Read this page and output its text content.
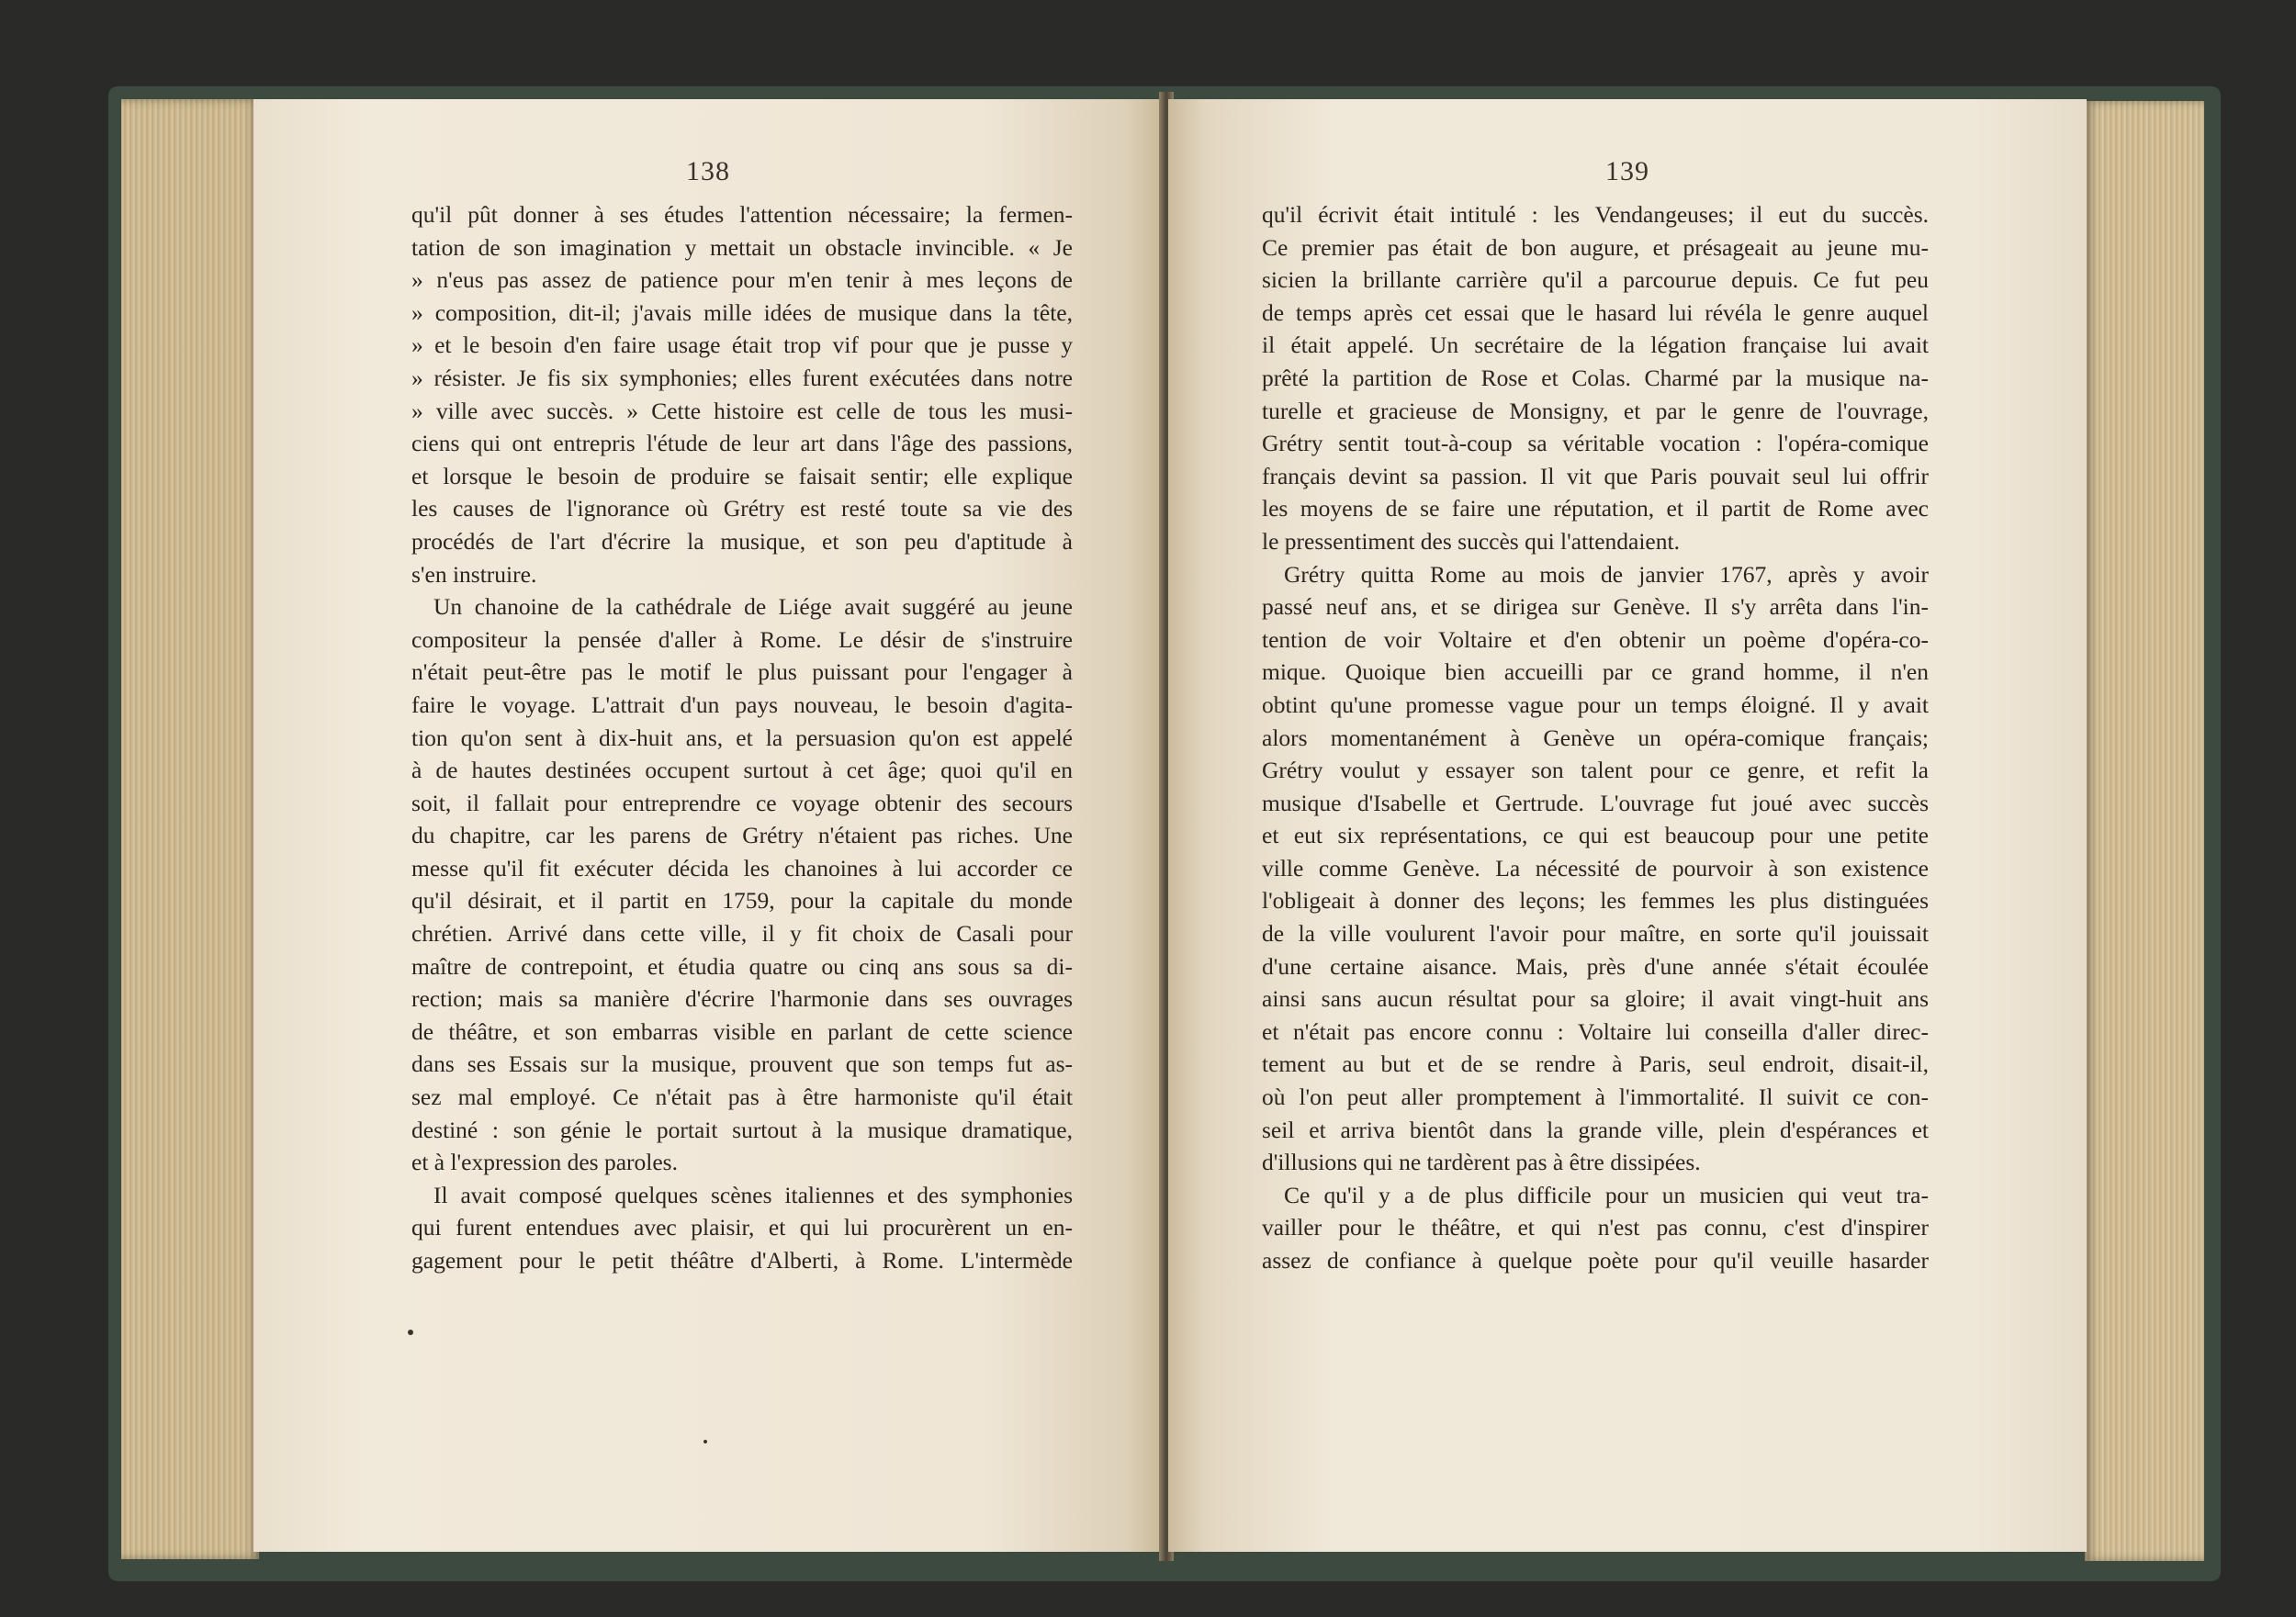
138
qu'il pût donner à ses études l'attention nécessaire; la fermen-
tation de son imagination y mettait un obstacle invincible. « Je
» n'eus pas assez de patience pour m'en tenir à mes leçons de
» composition, dit-il; j'avais mille idées de musique dans la tête,
» et le besoin d'en faire usage était trop vif pour que je pusse y
» résister. Je fis six symphonies; elles furent exécutées dans notre
» ville avec succès. » Cette histoire est celle de tous les musi-
ciens qui ont entrepris l'étude de leur art dans l'âge des passions,
et lorsque le besoin de produire se faisait sentir; elle explique
les causes de l'ignorance où Grétry est resté toute sa vie des
procédés de l'art d'écrire la musique, et son peu d'aptitude à
s'en instruire.
Un chanoine de la cathédrale de Liége avait suggéré au jeune
compositeur la pensée d'aller à Rome. Le désir de s'instruire
n'était peut-être pas le motif le plus puissant pour l'engager à
faire le voyage. L'attrait d'un pays nouveau, le besoin d'agita-
tion qu'on sent à dix-huit ans, et la persuasion qu'on est appelé
à de hautes destinées occupent surtout à cet âge; quoi qu'il en
soit, il fallait pour entreprendre ce voyage obtenir des secours
du chapitre, car les parens de Grétry n'étaient pas riches. Une
messe qu'il fit exécuter décida les chanoines à lui accorder ce
qu'il désirait, et il partit en 1759, pour la capitale du monde
chrétien. Arrivé dans cette ville, il y fit choix de Casali pour
maître de contrepoint, et étudia quatre ou cinq ans sous sa di-
rection; mais sa manière d'écrire l'harmonie dans ses ouvrages
de théâtre, et son embarras visible en parlant de cette science
dans ses Essais sur la musique, prouvent que son temps fut as-
sez mal employé. Ce n'était pas à être harmoniste qu'il était
destiné : son génie le portait surtout à la musique dramatique,
et à l'expression des paroles.
Il avait composé quelques scènes italiennes et des symphonies
qui furent entendues avec plaisir, et qui lui procurèrent un en-
gagement pour le petit théâtre d'Alberti, à Rome. L'intermède
139
qu'il écrivit était intitulé : les Vendangeuses; il eut du succès.
Ce premier pas était de bon augure, et présageait au jeune mu-
sicien la brillante carrière qu'il a parcourue depuis. Ce fut peu
de temps après cet essai que le hasard lui révéla le genre auquel
il était appelé. Un secrétaire de la légation française lui avait
prêté la partition de Rose et Colas. Charmé par la musique na-
turelle et gracieuse de Monsigny, et par le genre de l'ouvrage,
Grétry sentit tout-à-coup sa véritable vocation : l'opéra-comique
français devint sa passion. Il vit que Paris pouvait seul lui offrir
les moyens de se faire une réputation, et il partit de Rome avec
le pressentiment des succès qui l'attendaient.
Grétry quitta Rome au mois de janvier 1767, après y avoir
passé neuf ans, et se dirigea sur Genève. Il s'y arrêta dans l'in-
tention de voir Voltaire et d'en obtenir un poème d'opéra-co-
mique. Quoique bien accueilli par ce grand homme, il n'en
obtint qu'une promesse vague pour un temps éloigné. Il y avait
alors momentanément à Genève un opéra-comique français;
Grétry voulut y essayer son talent pour ce genre, et refit la
musique d'Isabelle et Gertrude. L'ouvrage fut joué avec succès
et eut six représentations, ce qui est beaucoup pour une petite
ville comme Genève. La nécessité de pourvoir à son existence
l'obligeait à donner des leçons; les femmes les plus distinguées
de la ville voulurent l'avoir pour maître, en sorte qu'il jouissait
d'une certaine aisance. Mais, près d'une année s'était écoulée
ainsi sans aucun résultat pour sa gloire; il avait vingt-huit ans
et n'était pas encore connu : Voltaire lui conseilla d'aller direc-
tement au but et de se rendre à Paris, seul endroit, disait-il,
où l'on peut aller promptement à l'immortalité. Il suivit ce con-
seil et arriva bientôt dans la grande ville, plein d'espérances et
d'illusions qui ne tardèrent pas à être dissipées.
Ce qu'il y a de plus difficile pour un musicien qui veut tra-
vailler pour le théâtre, et qui n'est pas connu, c'est d'inspirer
assez de confiance à quelque poète pour qu'il veuille hasarder
